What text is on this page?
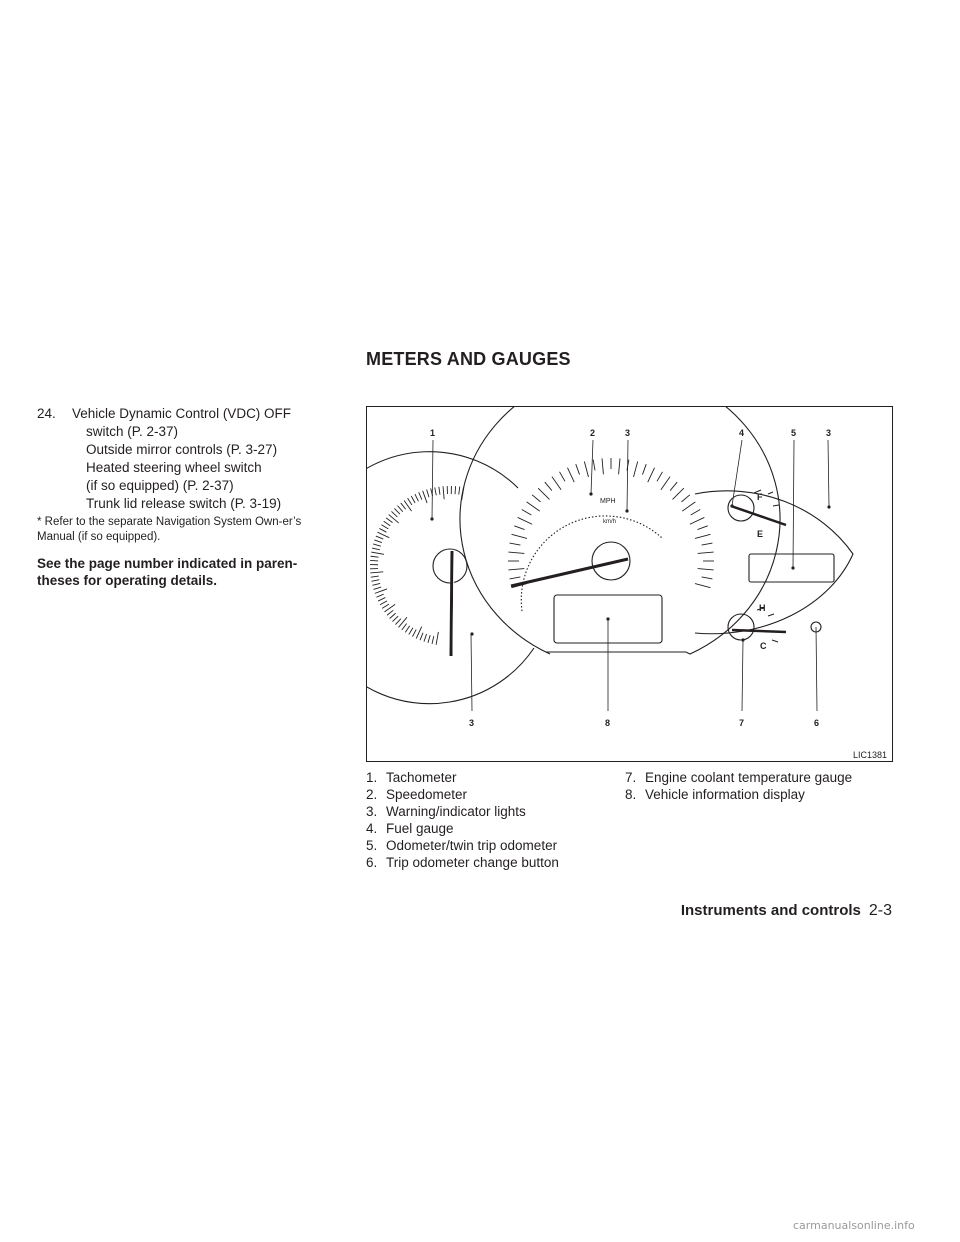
METERS AND GAUGES
24.	Vehicle Dynamic Control (VDC) OFF
switch (P. 2-37)
Outside mirror controls (P. 3-27)
Heated steering wheel switch
(if so equipped) (P. 2-37)
Trunk lid release switch (P. 3-19)
* Refer to the separate Navigation System Own-er’s Manual (if so equipped).
See the page number indicated in paren-theses for operating details.
1	2	3	4	5	3
3	8	7	6
F
E
H
C
MPH
km/h
LIC1381
1. Tachometer
2. Speedometer
3. Warning/indicator lights
4. Fuel gauge
5. Odometer/twin trip odometer
6. Trip odometer change button
7. Engine coolant temperature gauge
8. Vehicle information display
Instruments and controls 2-3
carmanualsonline.info
